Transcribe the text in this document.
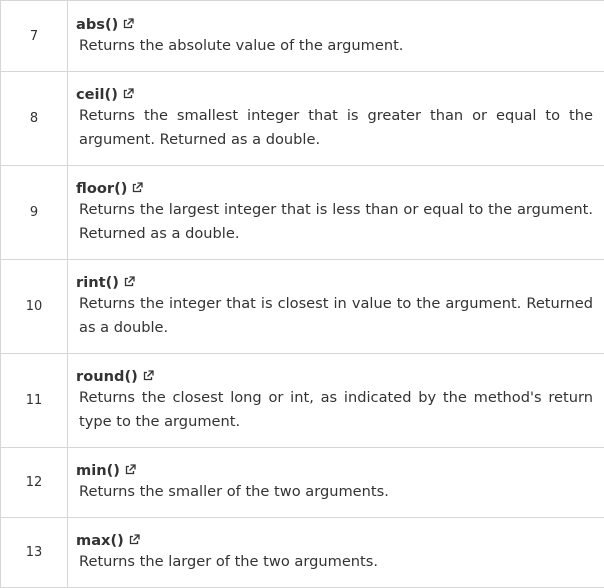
7	abs()
Returns the absolute value of the argument.

8	ceil()
Returns the smallest integer that is greater than or equal to the argument. Returned as a double.

9	floor()
Returns the largest integer that is less than or equal to the argument. Returned as a double.

10	rint()
Returns the integer that is closest in value to the argument. Returned as a double.

11	round()
Returns the closest long or int, as indicated by the method's return type to the argument.

12	min()
Returns the smaller of the two arguments.

13	max()
Returns the larger of the two arguments.
